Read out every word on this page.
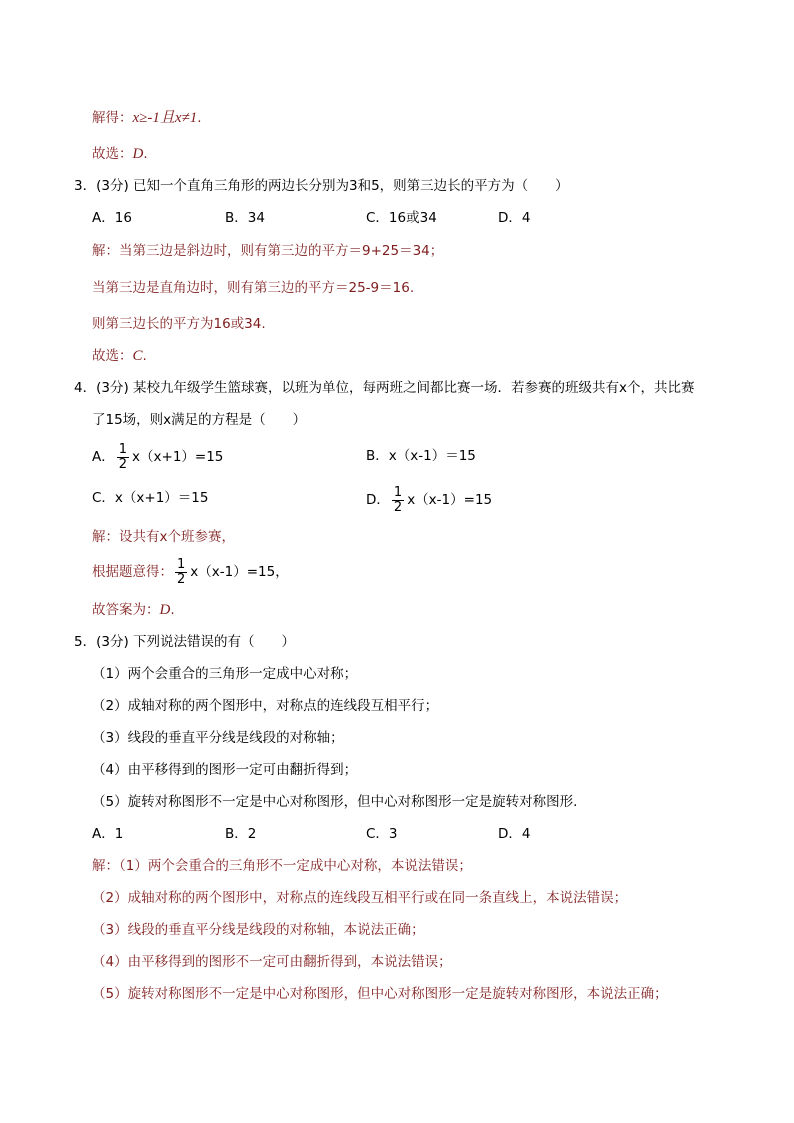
解得：x≥-1且x≠1.
故选：D.
3．(3分) 已知一个直角三角形的两边长分别为3和5，则第三边长的平方为（　　）
A．16	B．34	C．16或34	D．4
解：当第三边是斜边时，则有第三边的平方＝9+25＝34；
当第三边是直角边时，则有第三边的平方＝25-9＝16.
则第三边长的平方为16或34.
故选：C.
4．(3分) 某校九年级学生篮球赛，以班为单位，每两班之间都比赛一场．若参赛的班级共有x个，共比赛
了15场，则x满足的方程是（　　）
A． $\frac{1}{2} x(x+1)=15$	B．x（x-1）＝15
C．x（x+1）＝15	D． $\frac{1}{2} x(x-1)=15$
解：设共有x个班参赛，
根据题意得： $\frac{1}{2} x(x-1)=15$，
故答案为：D.
5．(3分) 下列说法错误的有（　　）
（1）两个会重合的三角形一定成中心对称；
（2）成轴对称的两个图形中，对称点的连线段互相平行；
（3）线段的垂直平分线是线段的对称轴；
（4）由平移得到的图形一定可由翻折得到；
（5）旋转对称图形不一定是中心对称图形，但中心对称图形一定是旋转对称图形.
A．1	B．2	C．3	D．4
解：（1）两个会重合的三角形不一定成中心对称，本说法错误；
（2）成轴对称的两个图形中，对称点的连线段互相平行或在同一条直线上，本说法错误；
（3）线段的垂直平分线是线段的对称轴，本说法正确；
（4）由平移得到的图形不一定可由翻折得到，本说法错误；
（5）旋转对称图形不一定是中心对称图形，但中心对称图形一定是旋转对称图形，本说法正确；
